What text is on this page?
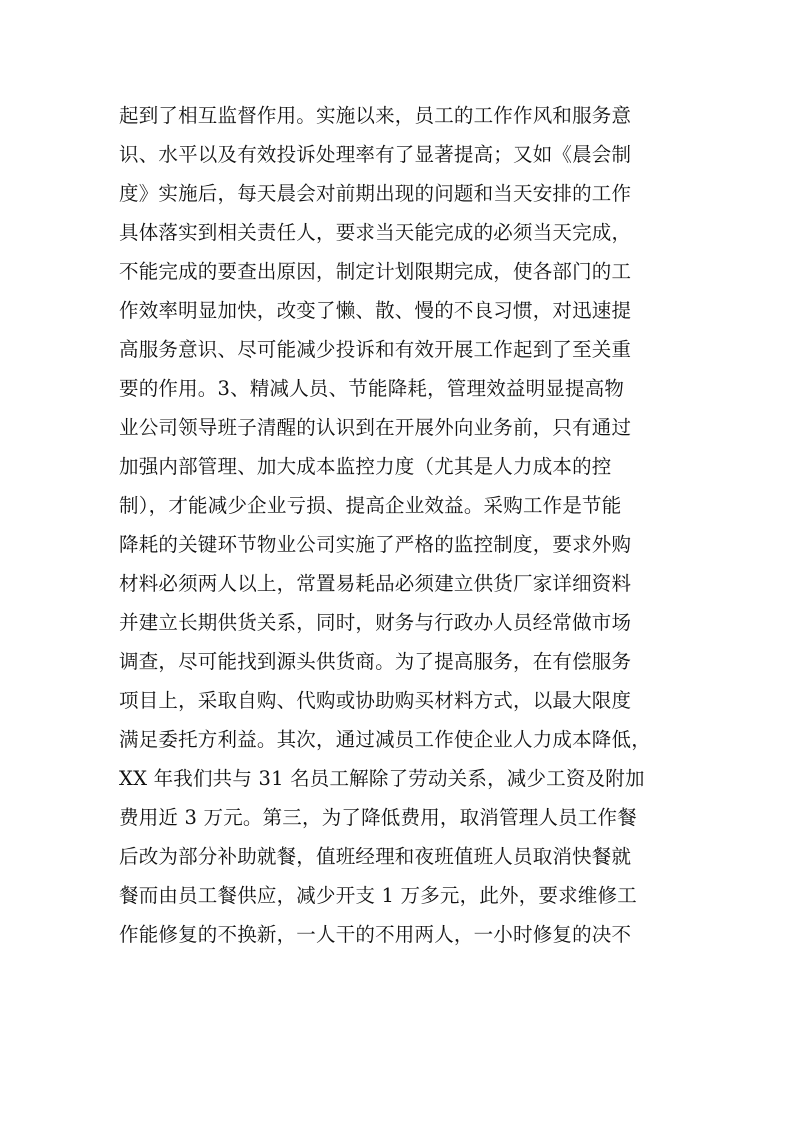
起到了相互监督作用。实施以来，员工的工作作风和服务意
识、水平以及有效投诉处理率有了显著提高；又如《晨会制
度》实施后，每天晨会对前期出现的问题和当天安排的工作
具体落实到相关责任人，要求当天能完成的必须当天完成，
不能完成的要查出原因，制定计划限期完成，使各部门的工
作效率明显加快，改变了懒、散、慢的不良习惯，对迅速提
高服务意识、尽可能减少投诉和有效开展工作起到了至关重
要的作用。3、精减人员、节能降耗，管理效益明显提高物
业公司领导班子清醒的认识到在开展外向业务前，只有通过
加强内部管理、加大成本监控力度（尤其是人力成本的控
制），才能减少企业亏损、提高企业效益。采购工作是节能
降耗的关键环节物业公司实施了严格的监控制度，要求外购
材料必须两人以上，常置易耗品必须建立供货厂家详细资料
并建立长期供货关系，同时，财务与行政办人员经常做市场
调查，尽可能找到源头供货商。为了提高服务，在有偿服务
项目上，采取自购、代购或协助购买材料方式，以最大限度
满足委托方利益。其次，通过减员工作使企业人力成本降低，
XX 年我们共与 31 名员工解除了劳动关系，减少工资及附加
费用近 3 万元。第三，为了降低费用，取消管理人员工作餐
后改为部分补助就餐，值班经理和夜班值班人员取消快餐就
餐而由员工餐供应，减少开支 1 万多元，此外，要求维修工
作能修复的不换新，一人干的不用两人，一小时修复的决不
